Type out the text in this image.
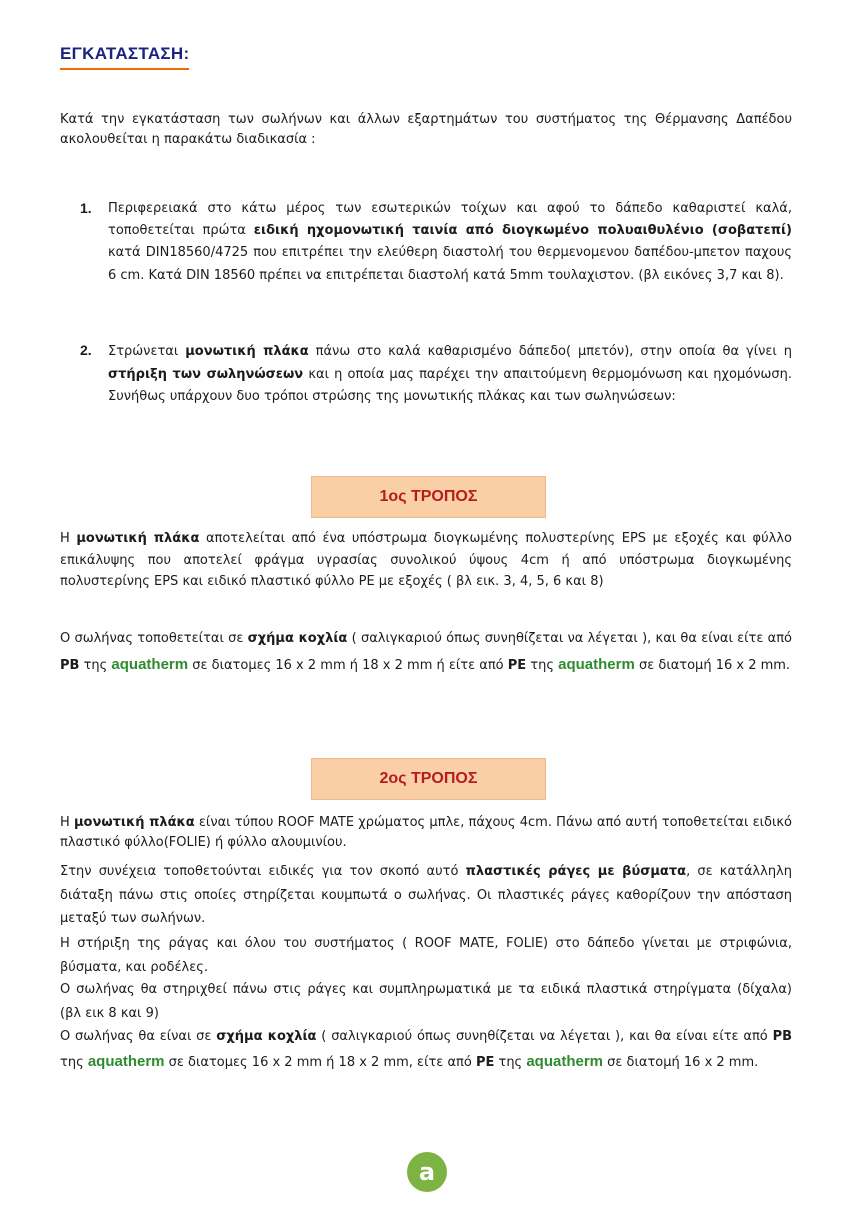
ΕΓΚΑΤΑΣΤΑΣΗ:
Κατά την εγκατάσταση των σωλήνων και άλλων εξαρτημάτων του συστήματος της Θέρμανσης Δαπέδου ακολουθείται η παρακάτω διαδικασία :
1. Περιφερειακά στο κάτω μέρος των εσωτερικών τοίχων και αφού το δάπεδο καθαριστεί καλά, τοποθετείται πρώτα ειδική ηχομονωτική ταινία από διογκωμένο πολυαιθυλένιο (σοβατεπί) κατά DIN18560/4725 που επιτρέπει την ελεύθερη διαστολή του θερμενομενου δαπέδου-μπετον παχους 6 cm. Κατά DIN 18560 πρέπει να επιτρέπεται διαστολή κατά 5mm τουλαχιστον. (βλ εικόνες 3,7 και 8).
2. Στρώνεται μονωτική πλάκα πάνω στο καλά καθαρισμένο δάπεδο( μπετόν), στην οποία θα γίνει η στήριξη των σωληνώσεων και η οποία μας παρέχει την απαιτούμενη θερμομόνωση και ηχομόνωση. Συνήθως υπάρχουν δυο τρόποι στρώσης της μονωτικής πλάκας και των σωληνώσεων:
1ος ΤΡΟΠΟΣ
Η μονωτική πλάκα αποτελείται από ένα υπόστρωμα διογκωμένης πολυστερίνης EPS με εξοχές και φύλλο επικάλυψης που αποτελεί φράγμα υγρασίας συνολικού ύψους 4cm ή από υπόστρωμα διογκωμένης πολυστερίνης EPS και ειδικό πλαστικό φύλλο PE με εξοχές ( βλ εικ. 3, 4, 5, 6 και 8)
Ο σωλήνας τοποθετείται σε σχήμα κοχλία ( σαλιγκαριού όπως συνηθίζεται να λέγεται ), και θα είναι είτε από PB της aquatherm σε διατομες 16 x 2 mm ή 18 x 2 mm ή είτε από PE της aquatherm σε διατομή 16 x 2 mm.
2ος ΤΡΟΠΟΣ
Η μονωτική πλάκα είναι τύπου ROOF MATE χρώματος μπλε, πάχους 4cm. Πάνω από αυτή τοποθετείται ειδικό πλαστικό φύλλο(FOLIE) ή φύλλο αλουμινίου.
Στην συνέχεια τοποθετούνται ειδικές για τον σκοπό αυτό πλαστικές ράγες με βύσματα, σε κατάλληλη διάταξη πάνω στις οποίες στηρίζεται κουμπωτά ο σωλήνας. Οι πλαστικές ράγες καθορίζουν την απόσταση μεταξύ των σωλήνων.
Η στήριξη της ράγας και όλου του συστήματος ( ROOF MATE, FOLIE) στο δάπεδο γίνεται με στριφώνια, βύσματα, και ροδέλες.
Ο σωλήνας θα στηριχθεί πάνω στις ράγες και συμπληρωματικά με τα ειδικά πλαστικά στηρίγματα (δίχαλα) (βλ εικ 8 και 9)
Ο σωλήνας θα είναι σε σχήμα κοχλία ( σαλιγκαριού όπως συνηθίζεται να λέγεται ), και θα είναι είτε από PB της aquatherm σε διατομες 16 x 2 mm ή 18 x 2 mm, είτε από PE της aquatherm σε διατομή 16 x 2 mm.
a
